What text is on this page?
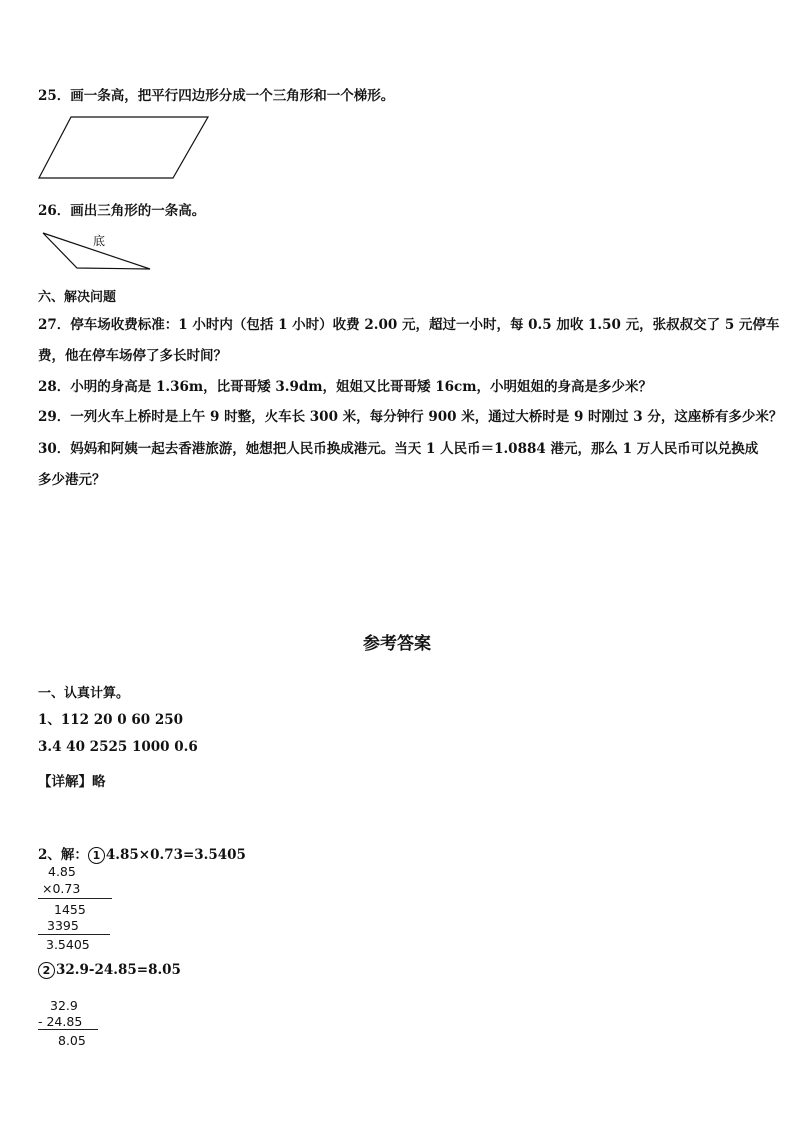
25．画一条高，把平行四边形分成一个三角形和一个梯形。
26．画出三角形的一条高。
底
六、解决问题
27．停车场收费标准：1 小时内（包括 1 小时）收费 2.00 元，超过一小时，每 0.5 加收 1.50 元，张叔叔交了 5 元停车
费，他在停车场停了多长时间？
28．小明的身高是 1.36m，比哥哥矮 3.9dm，姐姐又比哥哥矮 16cm，小明姐姐的身高是多少米？
29．一列火车上桥时是上午 9 时整，火车长 300 米，每分钟行 900 米，通过大桥时是 9 时刚过 3 分，这座桥有多少米？
30．妈妈和阿姨一起去香港旅游，她想把人民币换成港元。当天 1 人民币＝1.0884 港元，那么 1 万人民币可以兑换成
多少港元？
参考答案
一、认真计算。
1、112 20 0 60 250
3.4 40 2525 1000 0.6
【详解】略
2、解： 1 4.85×0.73=3.5405
4.85
×0.73
1455
3395
3.5405
2 32.9-24.85=8.05
32.9
- 24.85
8.05
